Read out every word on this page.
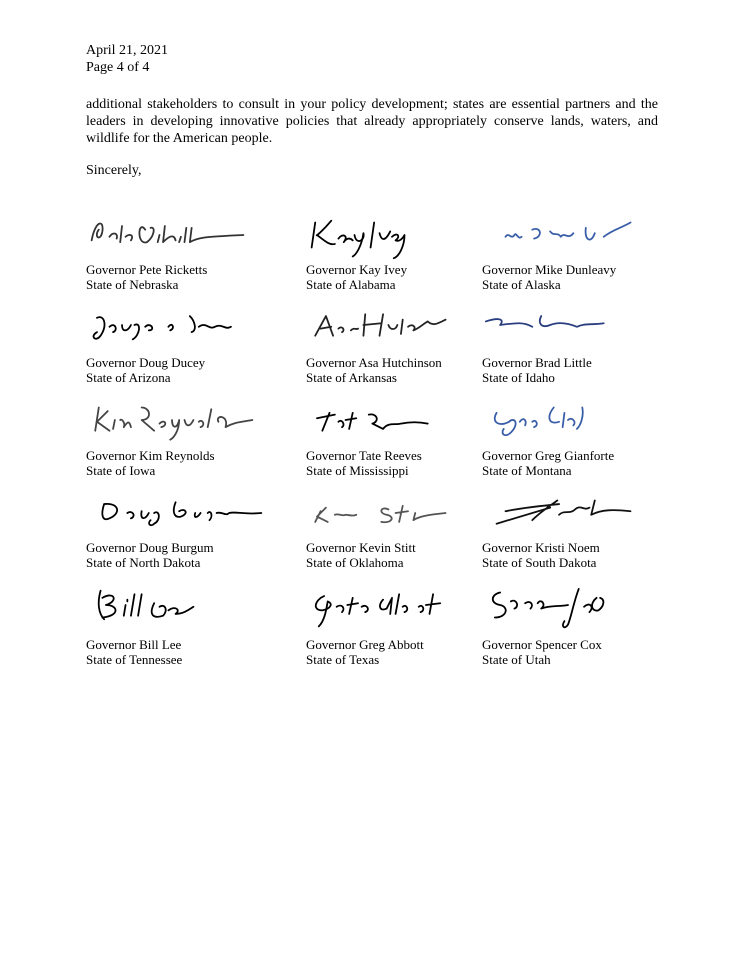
April 21, 2021
Page 4 of 4
additional stakeholders to consult in your policy development; states are essential partners and the leaders in developing innovative policies that already appropriately conserve lands, waters, and wildlife for the American people.
Sincerely,
Governor Pete Ricketts
State of Nebraska
Governor Kay Ivey
State of Alabama
Governor Mike Dunleavy
State of Alaska
Governor Doug Ducey
State of Arizona
Governor Asa Hutchinson
State of Arkansas
Governor Brad Little
State of Idaho
Governor Kim Reynolds
State of Iowa
Governor Tate Reeves
State of Mississippi
Governor Greg Gianforte
State of Montana
Governor Doug Burgum
State of North Dakota
Governor Kevin Stitt
State of Oklahoma
Governor Kristi Noem
State of South Dakota
Governor Bill Lee
State of Tennessee
Governor Greg Abbott
State of Texas
Governor Spencer Cox
State of Utah
